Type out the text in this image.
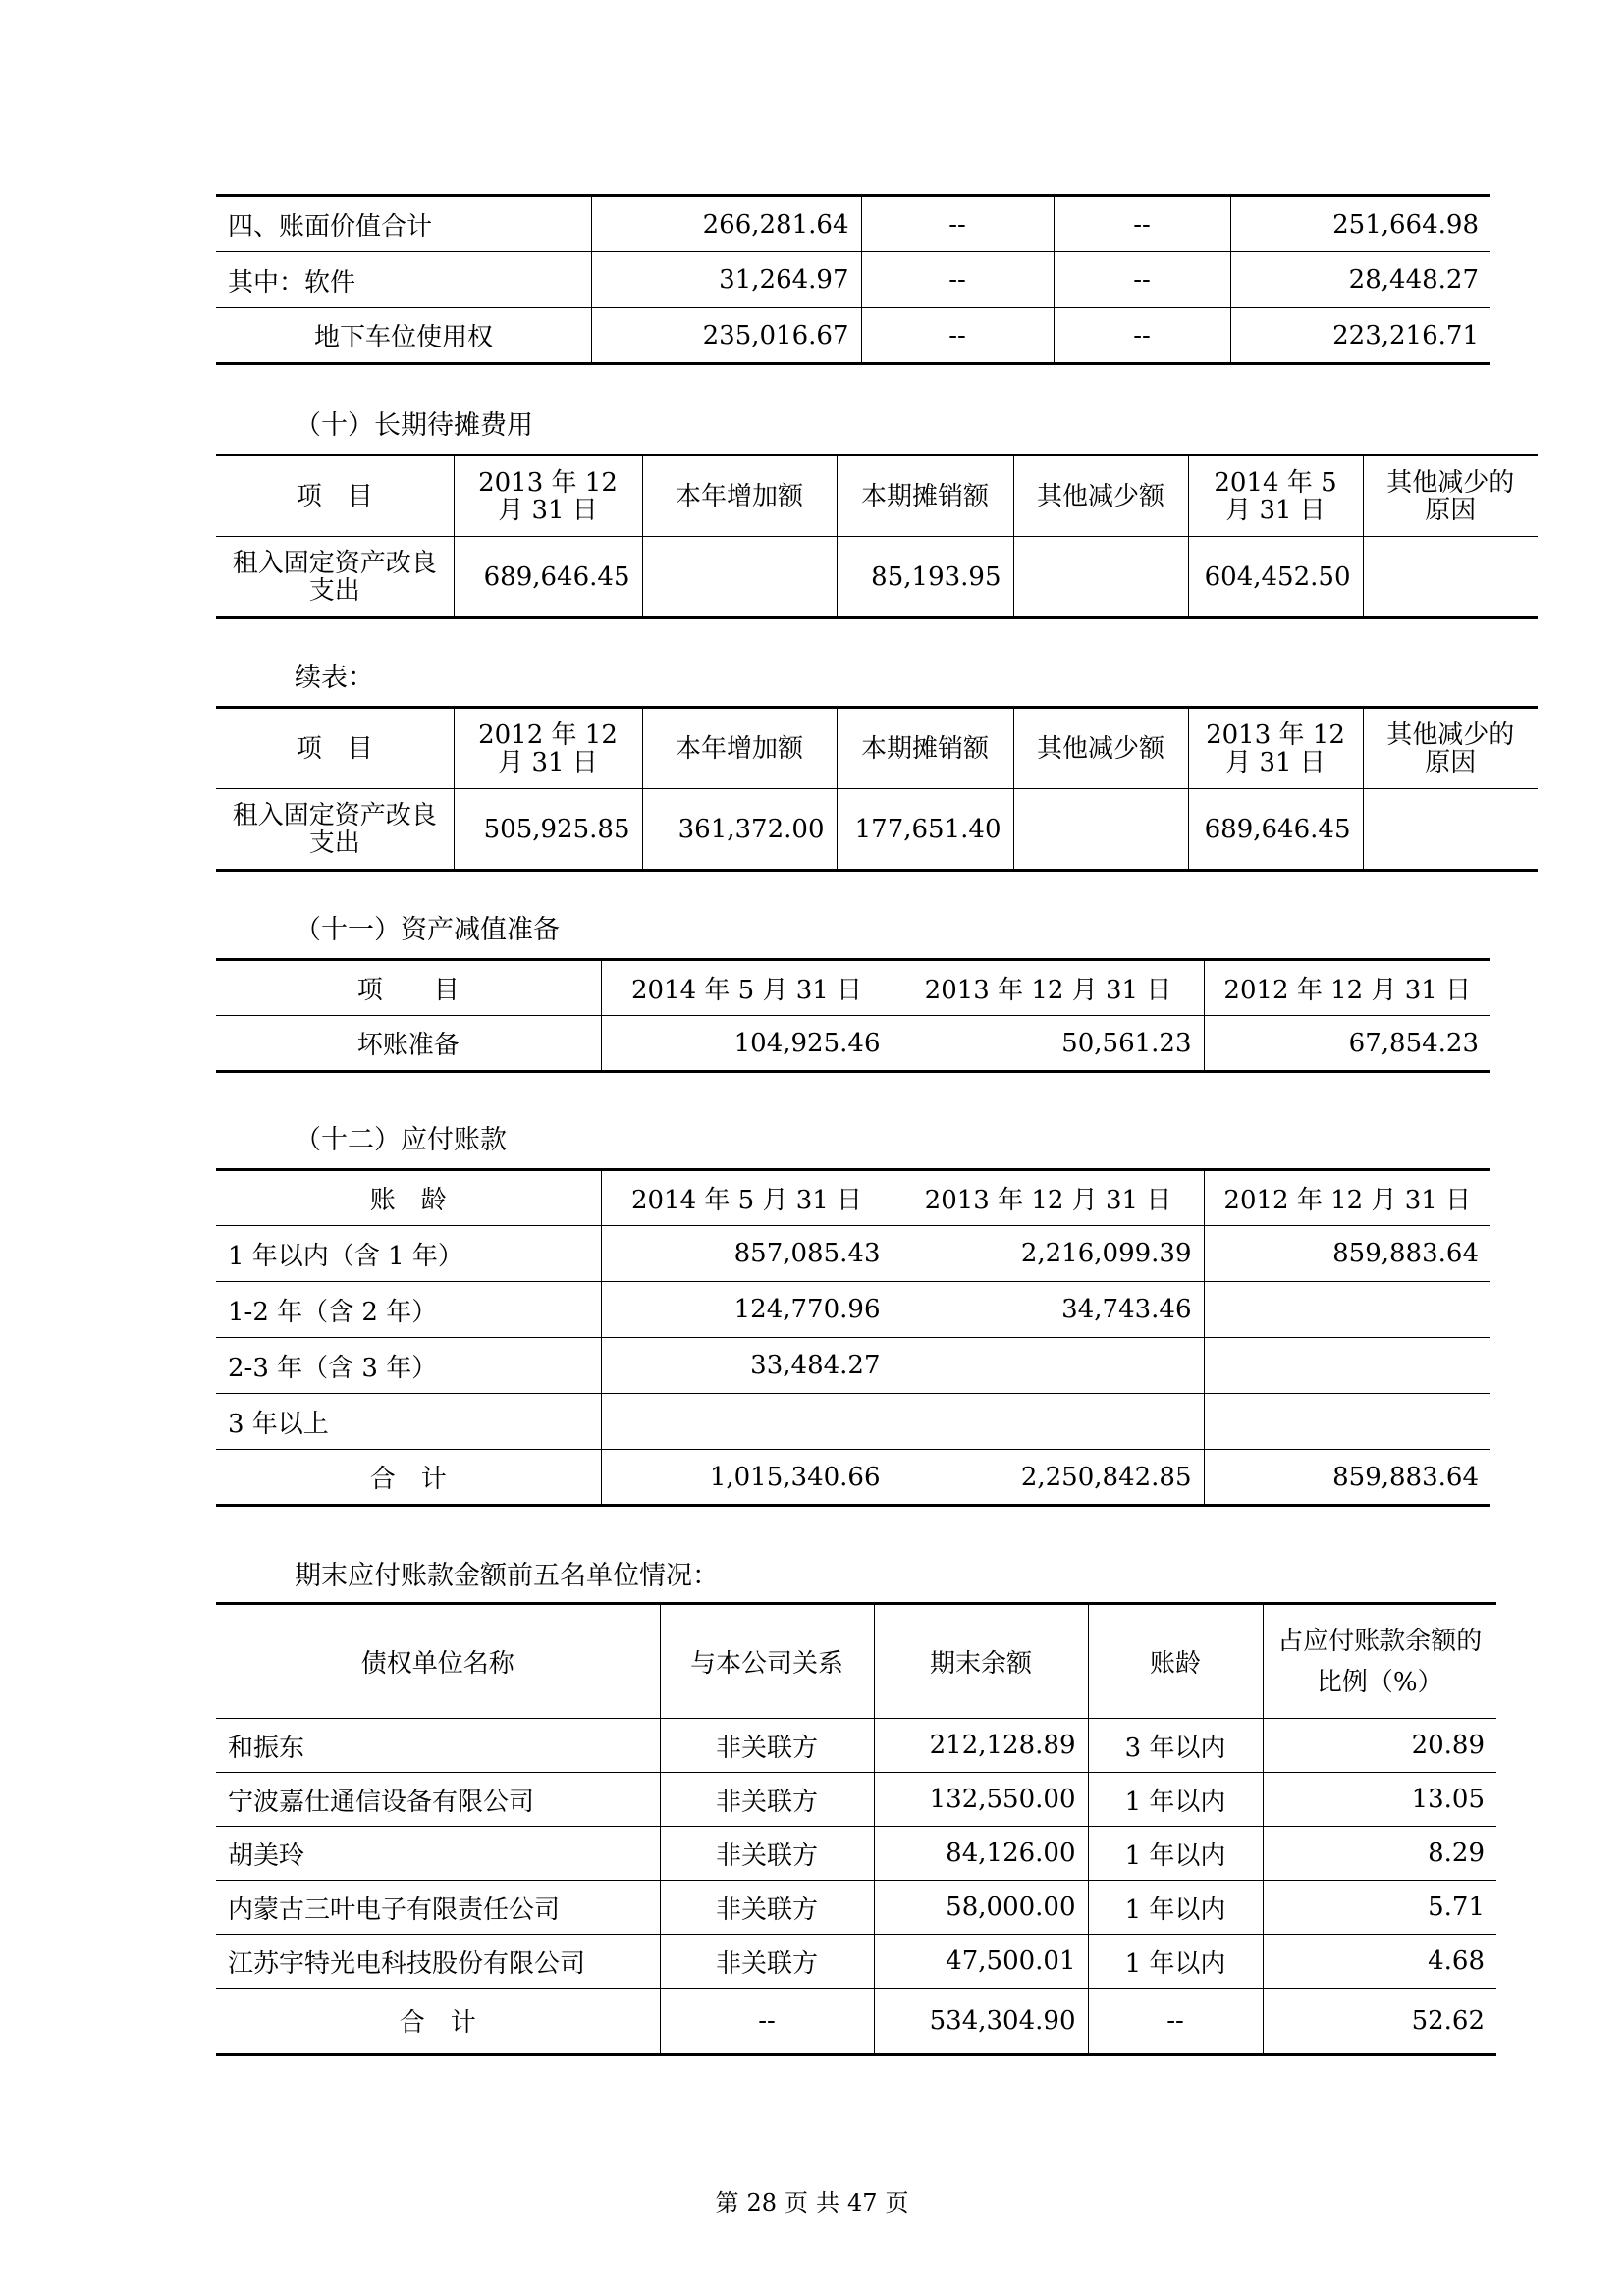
四、账面价值合计	266,281.64	--	--	251,664.98
其中：软件	31,264.97	--	--	28,448.27
地下车位使用权	235,016.67	--	--	223,216.71
（十）长期待摊费用
项　目	2013 年 12 月 31 日	本年增加额	本期摊销额	其他减少额	2014 年 5 月 31 日	其他减少的原因
租入固定资产改良支出	689,646.45		85,193.95		604,452.50	
续表：
项　目	2012 年 12 月 31 日	本年增加额	本期摊销额	其他减少额	2013 年 12 月 31 日	其他减少的原因
租入固定资产改良支出	505,925.85	361,372.00	177,651.40		689,646.45	
（十一）资产减值准备
项　　目	2014 年 5 月 31 日	2013 年 12 月 31 日	2012 年 12 月 31 日
坏账准备	104,925.46	50,561.23	67,854.23
（十二）应付账款
账　龄	2014 年 5 月 31 日	2013 年 12 月 31 日	2012 年 12 月 31 日
1 年以内（含 1 年）	857,085.43	2,216,099.39	859,883.64
1-2 年（含 2 年）	124,770.96	34,743.46	
2-3 年（含 3 年）	33,484.27		
3 年以上			
合　计	1,015,340.66	2,250,842.85	859,883.64
期末应付账款金额前五名单位情况：
债权单位名称	与本公司关系	期末余额	账龄	占应付账款余额的比例（%）
和振东	非关联方	212,128.89	3 年以内	20.89
宁波嘉仕通信设备有限公司	非关联方	132,550.00	1 年以内	13.05
胡美玲	非关联方	84,126.00	1 年以内	8.29
内蒙古三叶电子有限责任公司	非关联方	58,000.00	1 年以内	5.71
江苏宇特光电科技股份有限公司	非关联方	47,500.01	1 年以内	4.68
合　计	--	534,304.90	--	52.62
第 28 页 共 47 页
